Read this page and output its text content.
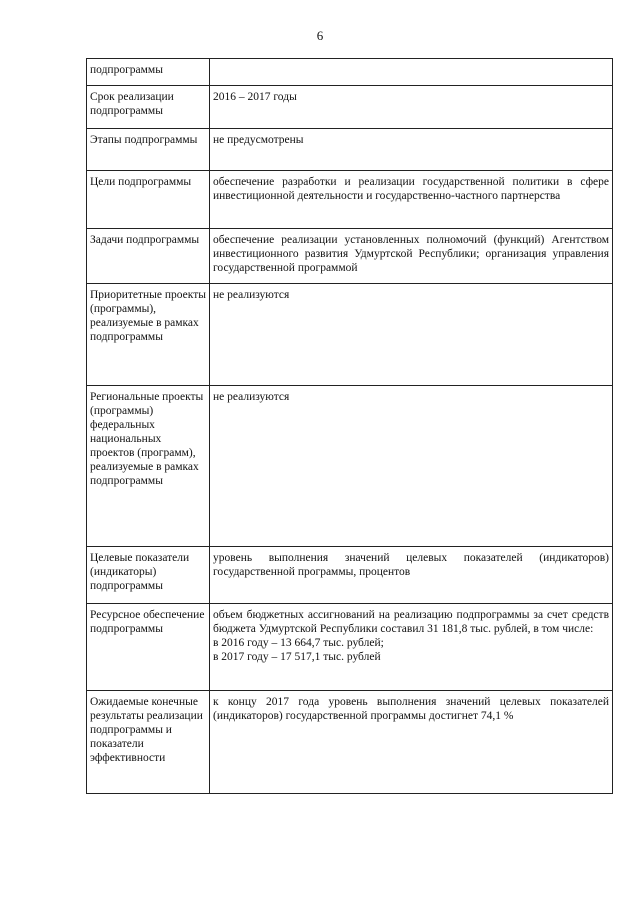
6
подпрограммы	
Срок реализации подпрограммы	2016 – 2017 годы
Этапы подпрограммы	не предусмотрены
Цели подпрограммы	обеспечение разработки и реализации государственной политики в сфере инвестиционной деятельности и государственно-частного партнерства
Задачи подпрограммы	обеспечение реализации установленных полномочий (функций) Агентством инвестиционного развития Удмуртской Республики; организация управления государственной программой
Приоритетные проекты (программы), реализуемые в рамках подпрограммы	не реализуются
Региональные проекты (программы) федеральных национальных проектов (программ), реализуемые в рамках подпрограммы	не реализуются
Целевые показатели (индикаторы) подпрограммы	уровень выполнения значений целевых показателей (индикаторов) государственной программы, процентов
Ресурсное обеспечение подпрограммы	объем бюджетных ассигнований на реализацию подпрограммы за счет средств бюджета Удмуртской Республики составил 31 181,8 тыс. рублей, в том числе:
в 2016 году – 13 664,7 тыс. рублей;
в 2017 году – 17 517,1 тыс. рублей

Ожидаемые конечные результаты реализации подпрограммы и показатели эффективности	к концу 2017 года уровень выполнения значений целевых показателей (индикаторов) государственной программы достигнет 74,1 %
